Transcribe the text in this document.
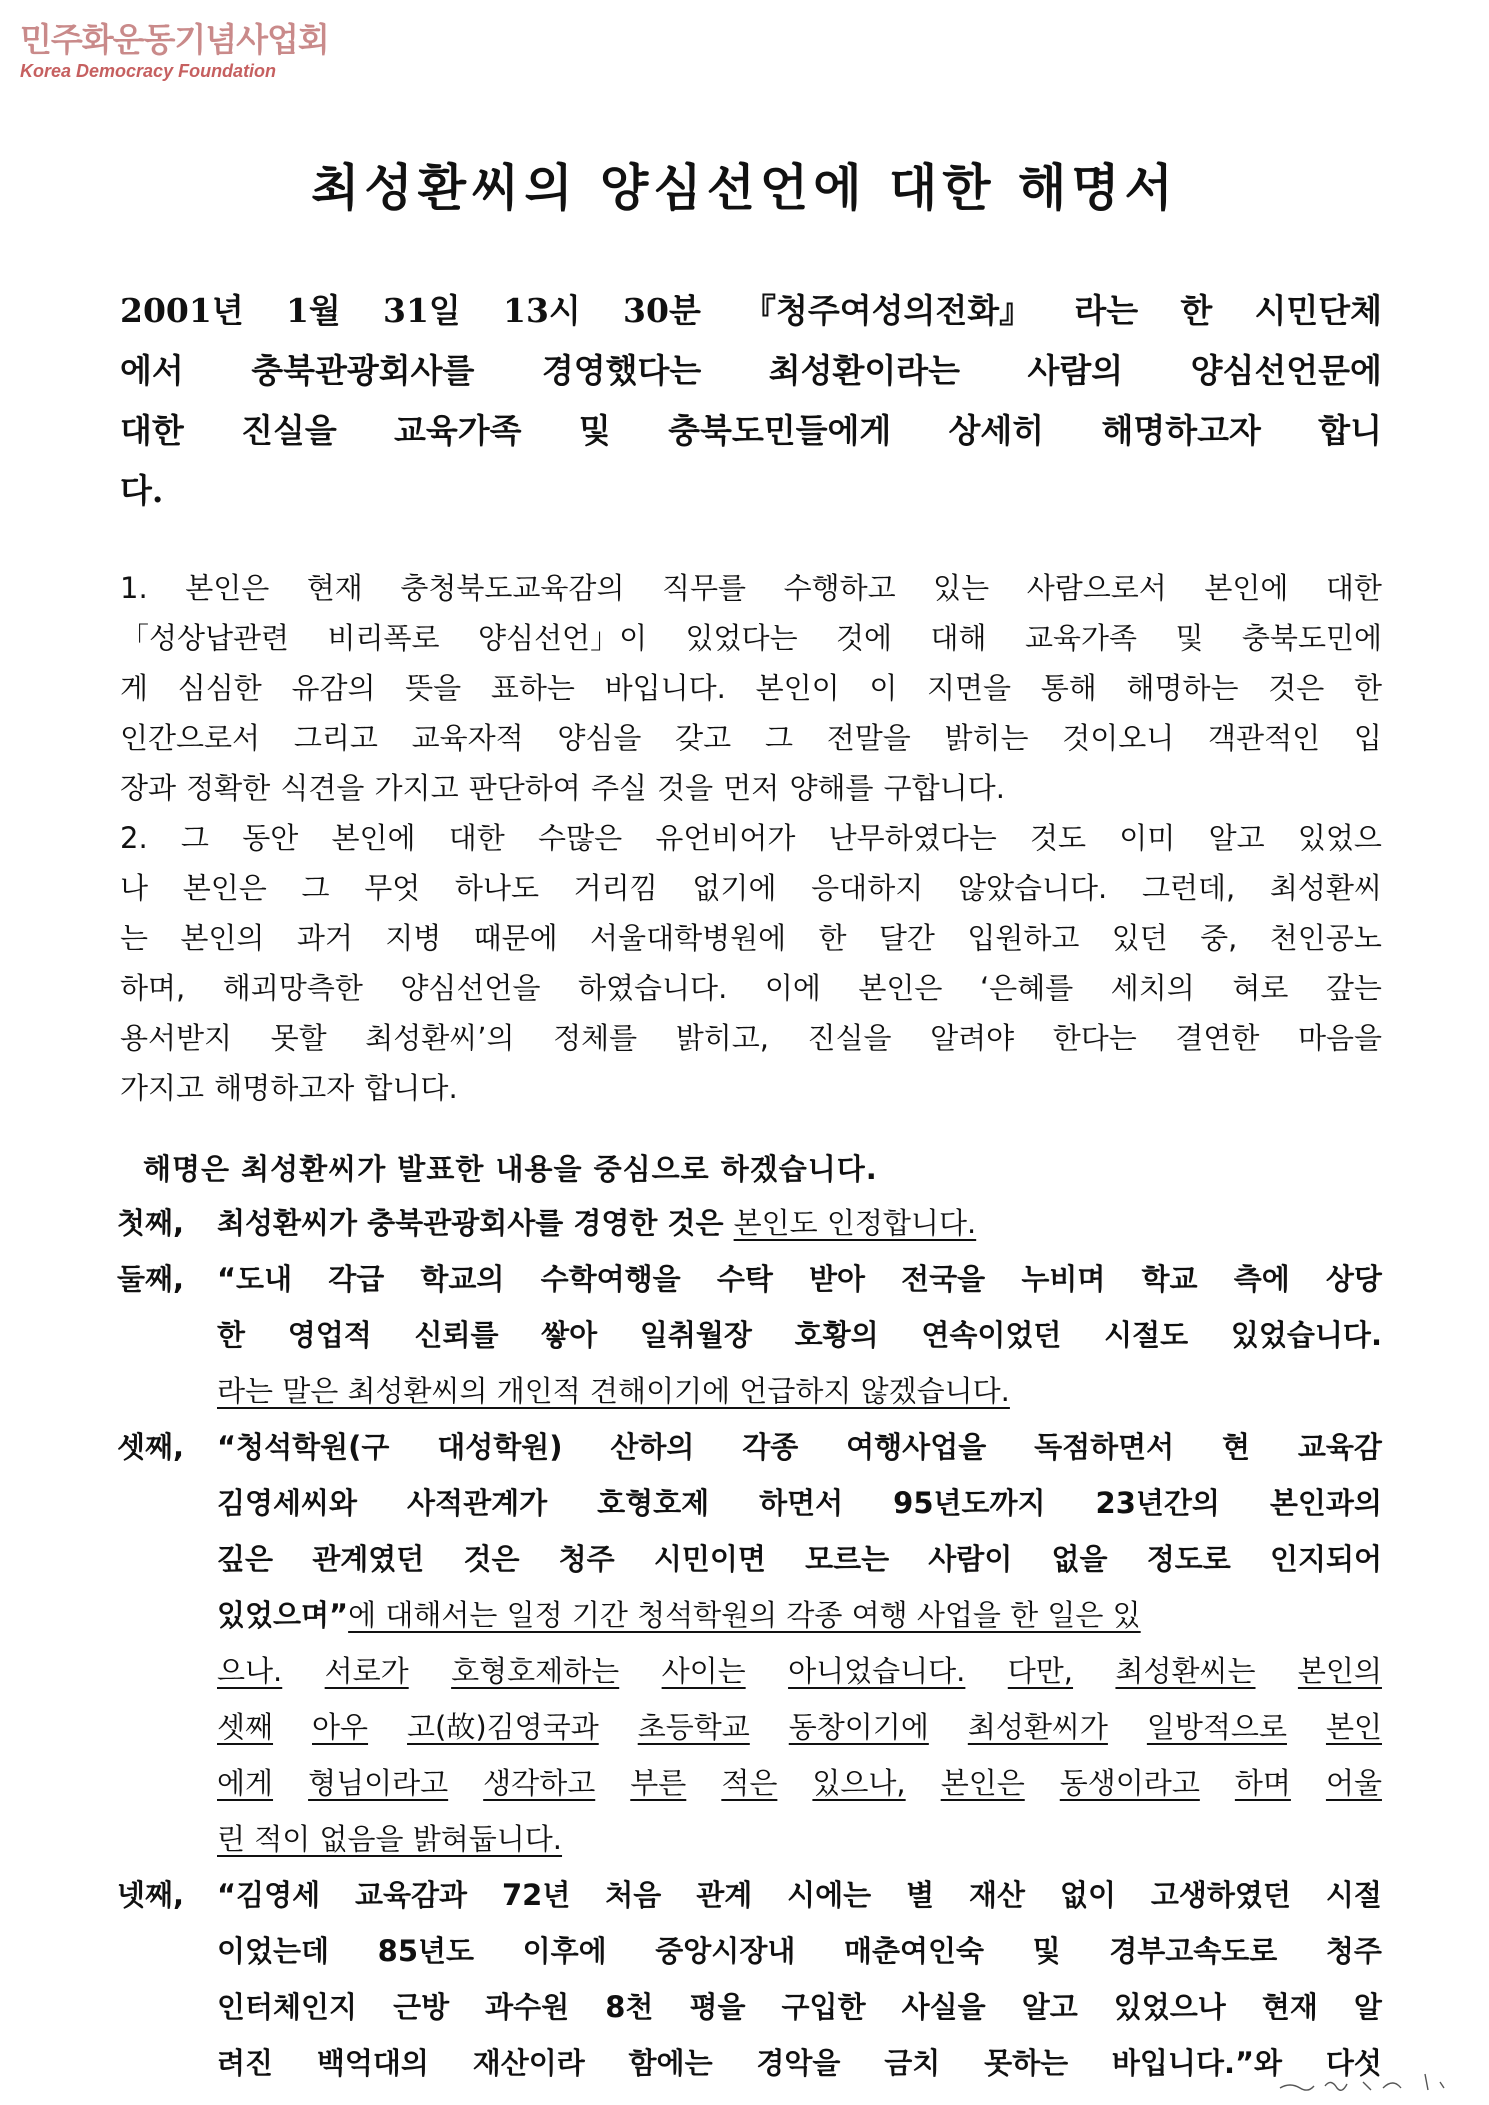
민주화운동기념사업회
Korea Democracy Foundation
최성환씨의 양심선언에 대한 해명서
2001년 1월 31일 13시 30분 『청주여성의전화』 라는 한 시민단체
에서 충북관광회사를 경영했다는 최성환이라는 사람의 양심선언문에
대한 진실을 교육가족 및 충북도민들에게 상세히 해명하고자 합니
다.
1. 본인은 현재 충청북도교육감의 직무를 수행하고 있는 사람으로서 본인에 대한
「성상납관련 비리폭로 양심선언」이 있었다는 것에 대해 교육가족 및 충북도민에
게 심심한 유감의 뜻을 표하는 바입니다. 본인이 이 지면을 통해 해명하는 것은 한
인간으로서 그리고 교육자적 양심을 갖고 그 전말을 밝히는 것이오니 객관적인 입
장과 정확한 식견을 가지고 판단하여 주실 것을 먼저 양해를 구합니다.
2. 그 동안 본인에 대한 수많은 유언비어가 난무하였다는 것도 이미 알고 있었으
나 본인은 그 무엇 하나도 거리낌 없기에 응대하지 않았습니다. 그런데, 최성환씨
는 본인의 과거 지병 때문에 서울대학병원에 한 달간 입원하고 있던 중, 천인공노
하며, 해괴망측한 양심선언을 하였습니다. 이에 본인은 ‘은혜를 세치의 혀로 갚는
용서받지 못할 최성환씨’의 정체를 밝히고, 진실을 알려야 한다는 결연한 마음을
가지고 해명하고자 합니다.
해명은 최성환씨가 발표한 내용을 중심으로 하겠습니다.
첫째,	최성환씨가 충북관광회사를 경영한 것은 본인도 인정합니다.
둘째,	“도내 각급 학교의 수학여행을 수탁 받아 전국을 누비며 학교 측에 상당
한 영업적 신뢰를 쌓아 일취월장 호황의 연속이었던 시절도 있었습니다.
라는 말은 최성환씨의 개인적 견해이기에 언급하지 않겠습니다.
셋째,	“청석학원(구 대성학원) 산하의 각종 여행사업을 독점하면서 현 교육감
김영세씨와 사적관계가 호형호제 하면서 95년도까지 23년간의 본인과의
깊은 관계였던 것은 청주 시민이면 모르는 사람이 없을 정도로 인지되어
있었으며” 에 대해서는 일정 기간 청석학원의 각종 여행 사업을 한 일은 있
으나. 서로가 호형호제하는 사이는 아니었습니다. 다만, 최성환씨는 본인의
셋째 아우 고(故)김영국과 초등학교 동창이기에 최성환씨가 일방적으로 본인
에게 형님이라고 생각하고 부른 적은 있으나, 본인은 동생이라고 하며 어울
린 적이 없음을 밝혀둡니다.
넷째,	“김영세 교육감과 72년 처음 관계 시에는 별 재산 없이 고생하였던 시절
이었는데 85년도 이후에 중앙시장내 매춘여인숙 및 경부고속도로 청주
인터체인지 근방 과수원 8천 평을 구입한 사실을 알고 있었으나 현재 알
려진 백억대의 재산이라 함에는 경악을 금치 못하는 바입니다.”와 다섯
